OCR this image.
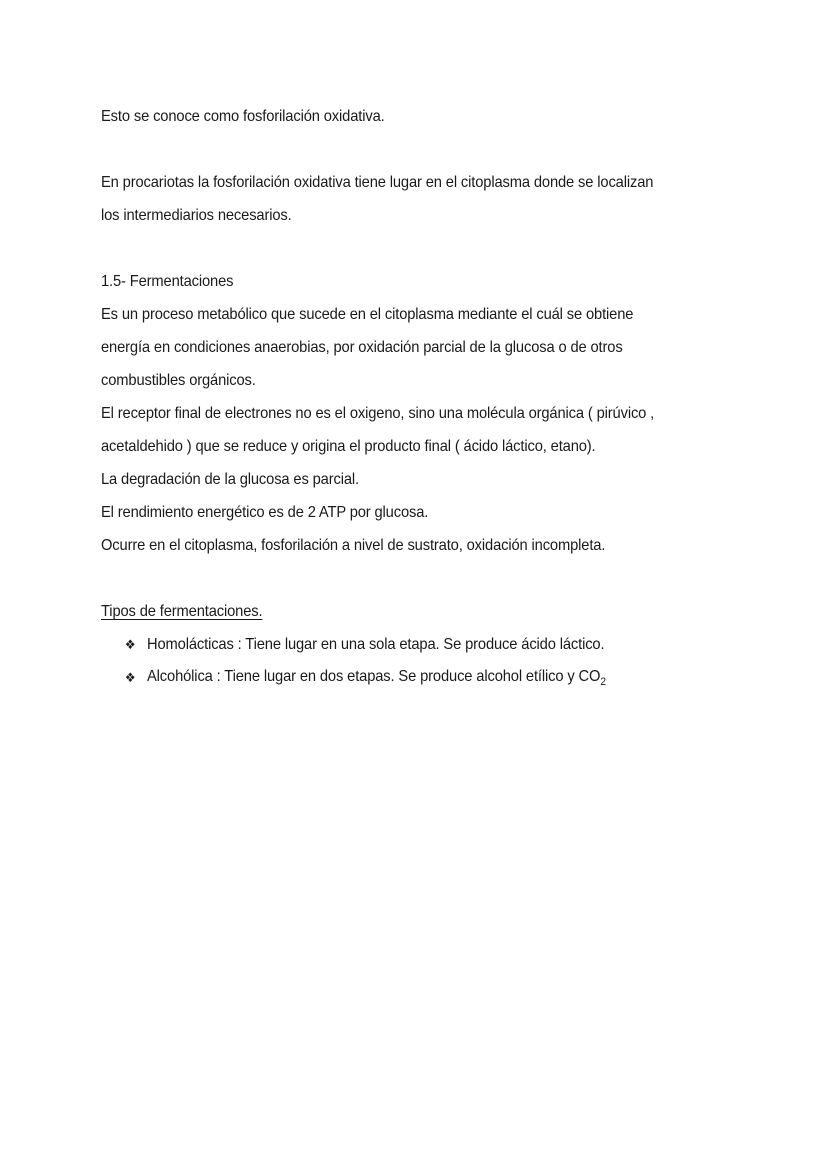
Esto se conoce como fosforilación oxidativa.
En procariotas la fosforilación oxidativa tiene lugar en el citoplasma donde se localizan
los intermediarios necesarios.
1.5- Fermentaciones
Es un proceso metabólico que sucede en el citoplasma mediante el cuál se obtiene
energía en condiciones anaerobias, por oxidación parcial de la glucosa o de otros
combustibles orgánicos.
El receptor final de electrones no es el oxigeno, sino una molécula orgánica ( pirúvico ,
acetaldehido ) que se reduce y origina el producto final ( ácido láctico, etano).
La degradación de la glucosa es parcial.
El rendimiento energético es de 2 ATP por glucosa.
Ocurre en el citoplasma, fosforilación a nivel de sustrato, oxidación incompleta.
Tipos de fermentaciones.
❖ Homolácticas : Tiene lugar en una sola etapa. Se produce ácido láctico.
❖ Alcohólica : Tiene lugar en dos etapas. Se produce alcohol etílico y $CO_2$
